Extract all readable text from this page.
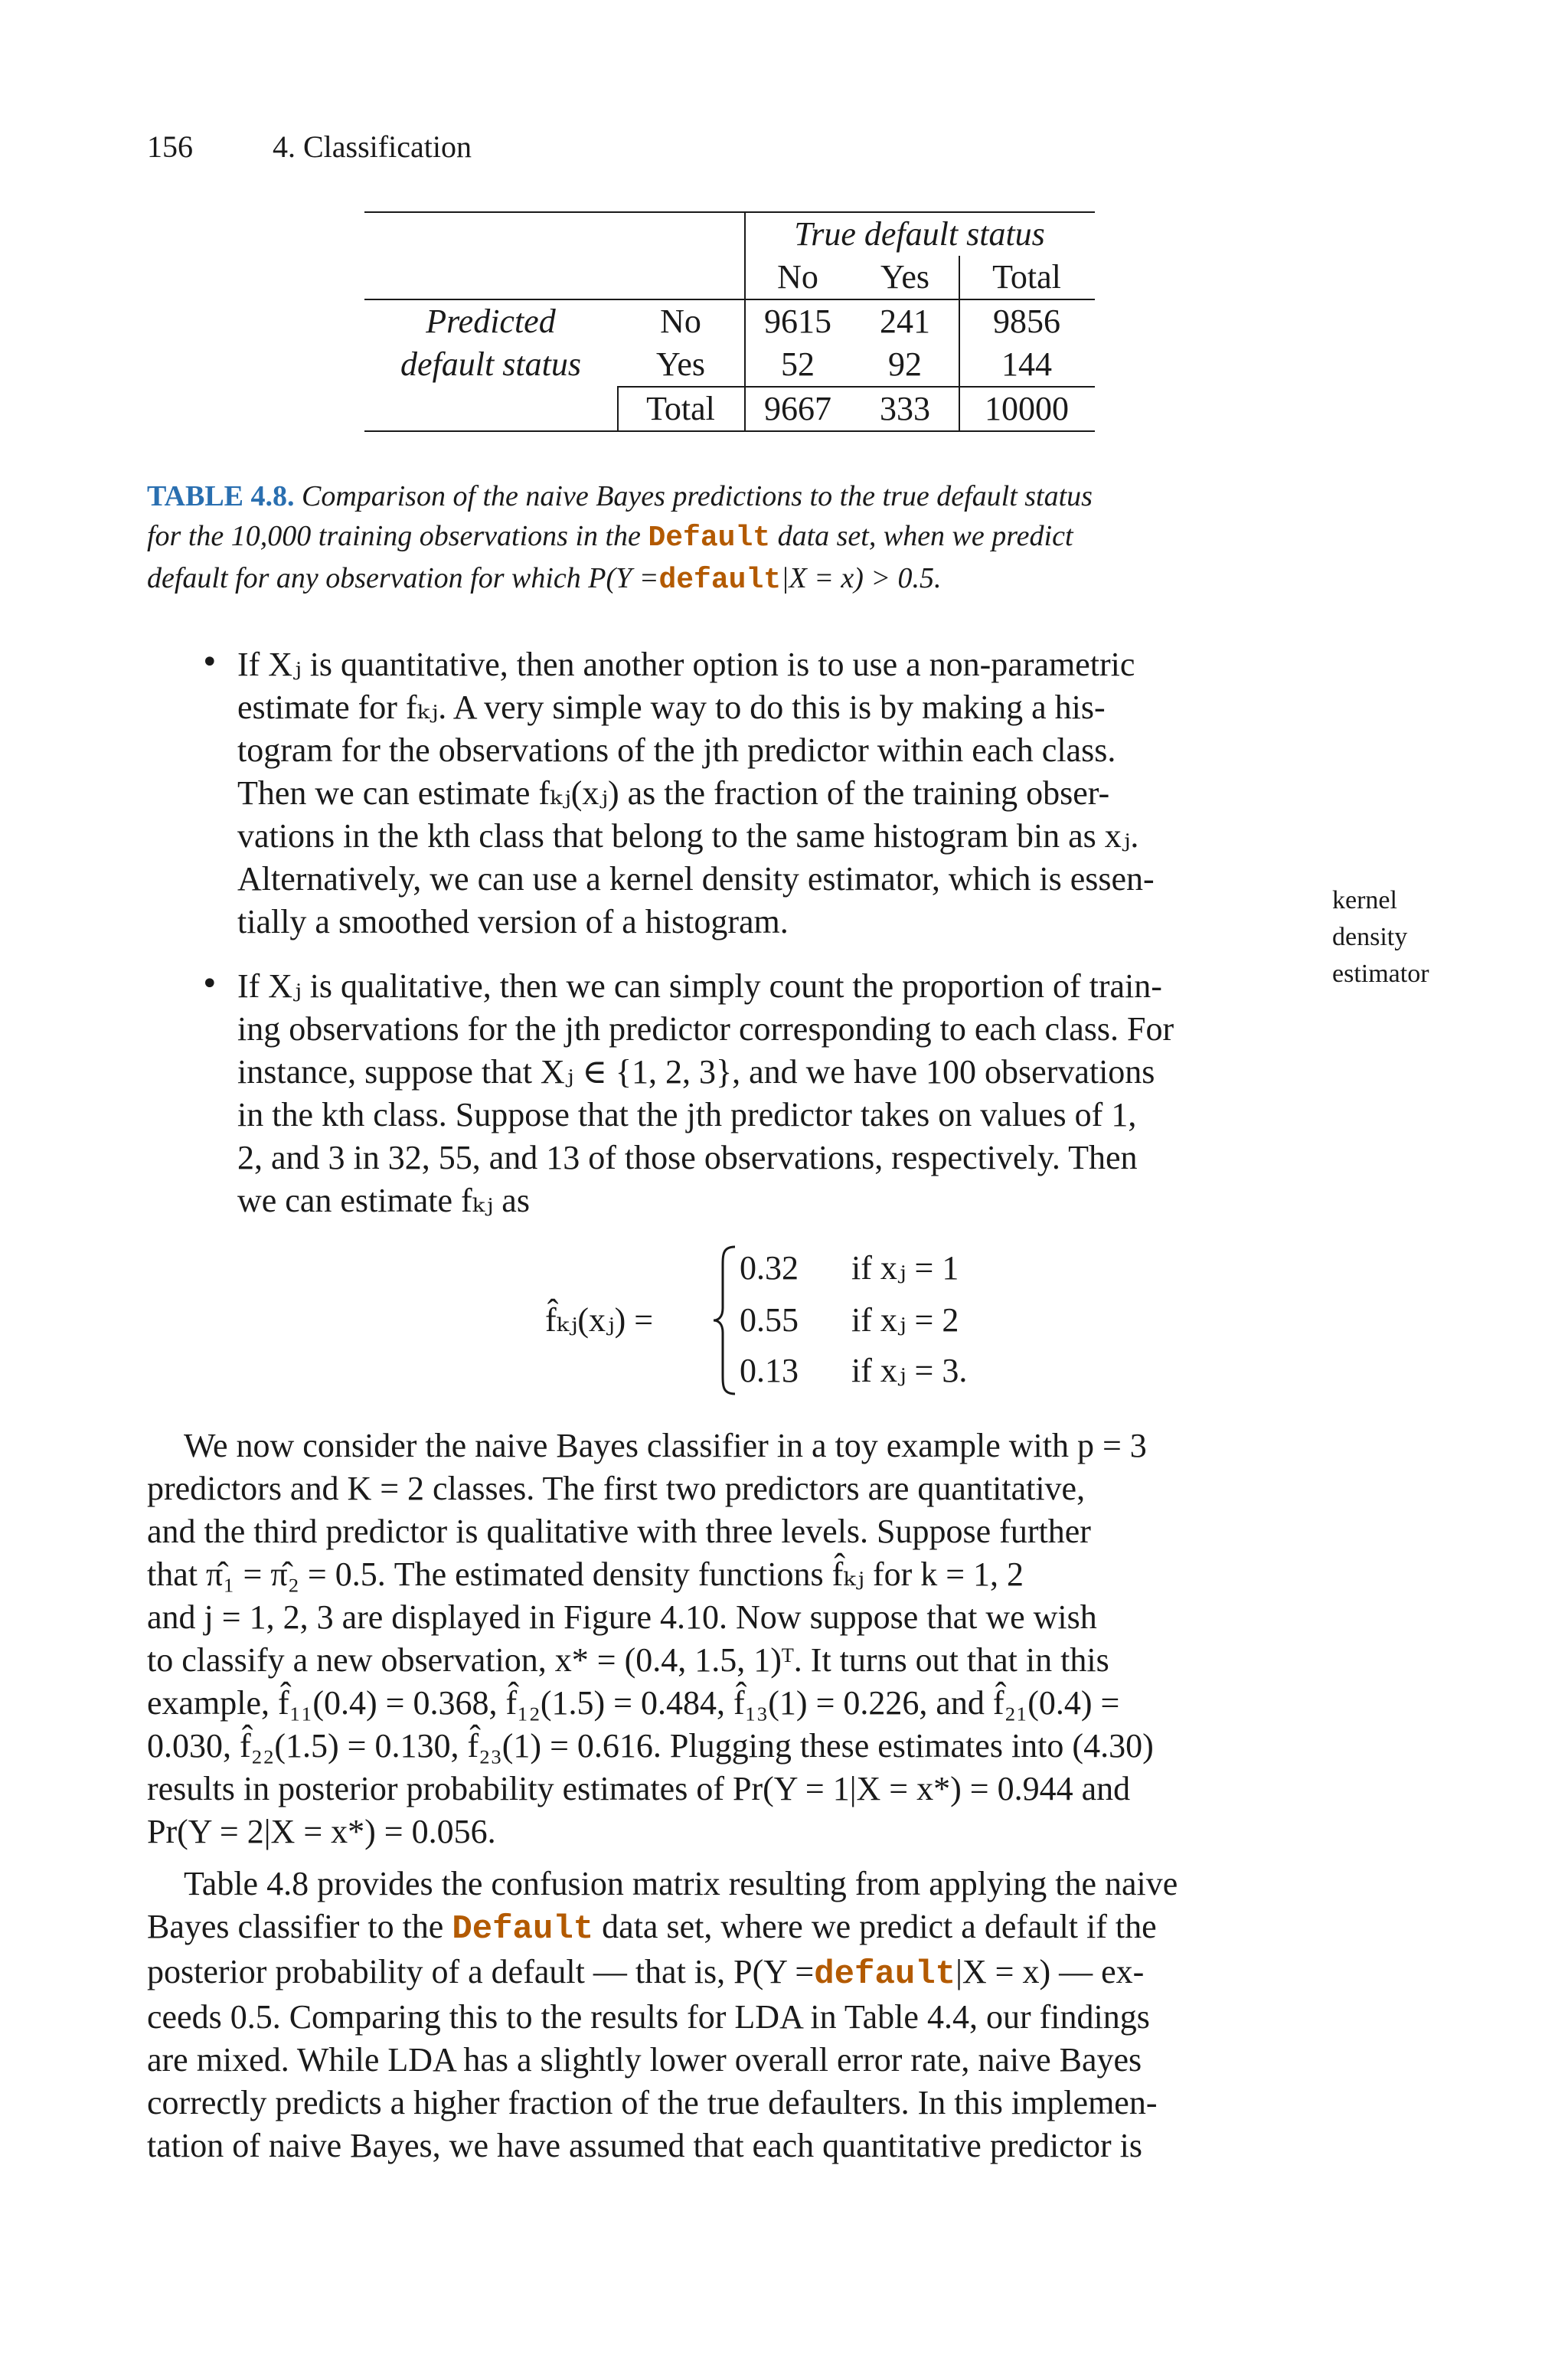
156	4. Classification
True default status
No	Yes	Total
Predicted
default status
No	9615	241	9856
Yes	52	92	144
Total	9667	333	10000
TABLE 4.8. Comparison of the naive Bayes predictions to the true default status
for the 10,000 training observations in the Default data set, when we predict
default for any observation for which P(Y =default|X = x) > 0.5.
• If Xⱼ is quantitative, then another option is to use a non-parametric
estimate for fₖⱼ. A very simple way to do this is by making a his-
togram for the observations of the jth predictor within each class.
Then we can estimate fₖⱼ(xⱼ) as the fraction of the training obser-
vations in the kth class that belong to the same histogram bin as xⱼ.
Alternatively, we can use a kernel density estimator, which is essen-
tially a smoothed version of a histogram.
kernel
density
estimator
• If Xⱼ is qualitative, then we can simply count the proportion of train-
ing observations for the jth predictor corresponding to each class. For
instance, suppose that Xⱼ ∈ {1, 2, 3}, and we have 100 observations
in the kth class. Suppose that the jth predictor takes on values of 1,
2, and 3 in 32, 55, and 13 of those observations, respectively. Then
we can estimate fₖⱼ as
f̂ₖⱼ(xⱼ) =
0.32 if xⱼ = 1
0.55 if xⱼ = 2
0.13 if xⱼ = 3.
We now consider the naive Bayes classifier in a toy example with p = 3
predictors and K = 2 classes. The first two predictors are quantitative,
and the third predictor is qualitative with three levels. Suppose further
that π̂₁ = π̂₂ = 0.5. The estimated density functions f̂ₖⱼ for k = 1, 2
and j = 1, 2, 3 are displayed in Figure 4.10. Now suppose that we wish
to classify a new observation, x* = (0.4, 1.5, 1)ᵀ. It turns out that in this
example, f̂₁₁(0.4) = 0.368, f̂₁₂(1.5) = 0.484, f̂₁₃(1) = 0.226, and f̂₂₁(0.4) =
0.030, f̂₂₂(1.5) = 0.130, f̂₂₃(1) = 0.616. Plugging these estimates into (4.30)
results in posterior probability estimates of Pr(Y = 1|X = x*) = 0.944 and
Pr(Y = 2|X = x*) = 0.056.
Table 4.8 provides the confusion matrix resulting from applying the naive
Bayes classifier to the Default data set, where we predict a default if the
posterior probability of a default — that is, P(Y =default|X = x) — ex-
ceeds 0.5. Comparing this to the results for LDA in Table 4.4, our findings
are mixed. While LDA has a slightly lower overall error rate, naive Bayes
correctly predicts a higher fraction of the true defaulters. In this implemen-
tation of naive Bayes, we have assumed that each quantitative predictor is
